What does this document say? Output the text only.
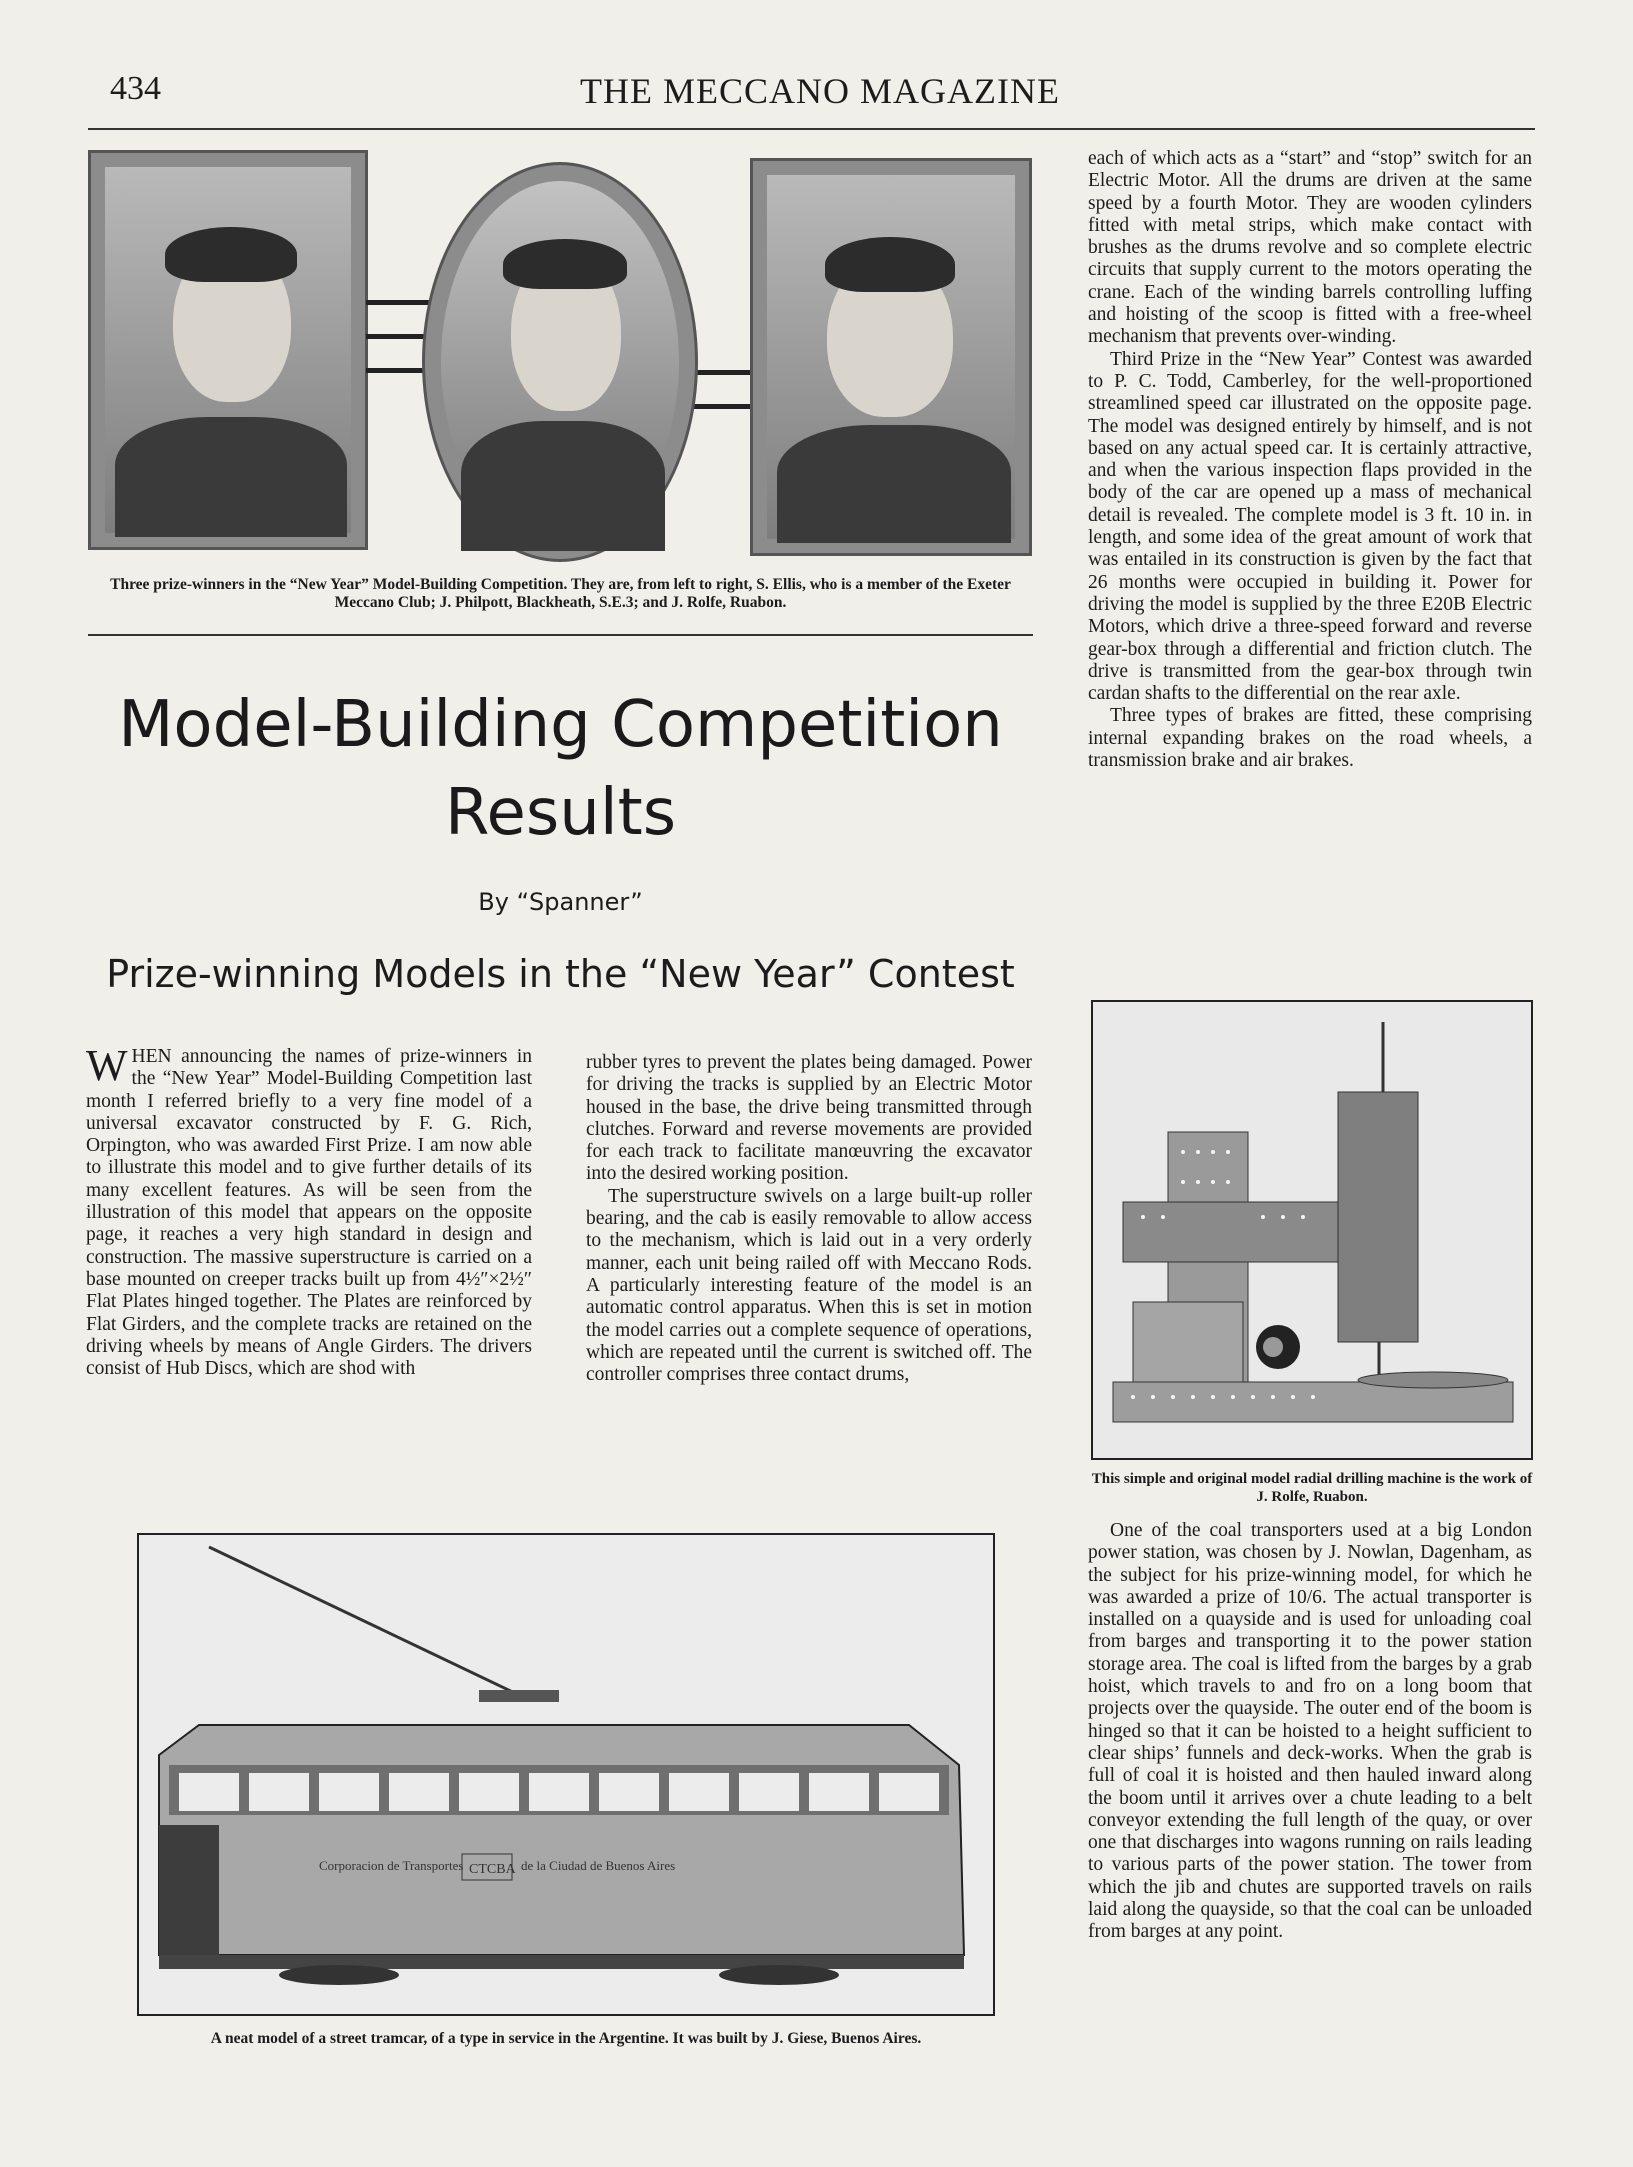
434	THE MECCANO MAGAZINE
Three prize-winners in the “New Year” Model-Building Competition. They are, from left to right, S. Ellis, who is a member of the Exeter Meccano Club; J. Philpott, Blackheath, S.E.3; and J. Rolfe, Ruabon.
Model-Building Competition
Results
By “Spanner”
Prize-winning Models in the “New Year” Contest

WHEN announcing the names of prize-winners in the “New Year” Model-Building Competition last month I referred briefly to a very fine model of a universal excavator constructed by F. G. Rich, Orpington, who was awarded First Prize. I am now able to illustrate this model and to give further details of its many excellent features. As will be seen from the illustration of this model that appears on the opposite page, it reaches a very high standard in design and construction. The massive superstructure is carried on a base mounted on creeper tracks built up from 4½″×2½″ Flat Plates hinged together. The Plates are reinforced by Flat Girders, and the complete tracks are retained on the driving wheels by means of Angle Girders. The drivers consist of Hub Discs, which are shod with

rubber tyres to prevent the plates being damaged. Power for driving the tracks is supplied by an Electric Motor housed in the base, the drive being transmitted through clutches. Forward and reverse movements are provided for each track to facilitate manœuvring the excavator into the desired working position.

The superstructure swivels on a large built-up roller bearing, and the cab is easily removable to allow access to the mechanism, which is laid out in a very orderly manner, each unit being railed off with Meccano Rods. A particularly interesting feature of the model is an automatic control apparatus. When this is set in motion the model carries out a complete sequence of operations, which are repeated until the current is switched off. The controller comprises three contact drums,

each of which acts as a “start” and “stop” switch for an Electric Motor. All the drums are driven at the same speed by a fourth Motor. They are wooden cylinders fitted with metal strips, which make contact with brushes as the drums revolve and so complete electric circuits that supply current to the motors operating the crane. Each of the winding barrels controlling luffing and hoisting of the scoop is fitted with a free-wheel mechanism that prevents over-winding.

Third Prize in the “New Year” Contest was awarded to P. C. Todd, Camberley, for the well-proportioned streamlined speed car illustrated on the opposite page. The model was designed entirely by himself, and is not based on any actual speed car. It is certainly attractive, and when the various inspection flaps provided in the body of the car are opened up a mass of mechanical detail is revealed. The complete model is 3 ft. 10 in. in length, and some idea of the great amount of work that was entailed in its construction is given by the fact that 26 months were occupied in building it. Power for driving the model is supplied by the three E20B Electric Motors, which drive a three-speed forward and reverse gear-box through a differential and friction clutch. The drive is transmitted from the gear-box through twin cardan shafts to the differential on the rear axle.

Three types of brakes are fitted, these comprising internal expanding brakes on the road wheels, a transmission brake and air brakes.

This simple and original model radial drilling machine is the work of J. Rolfe, Ruabon.

One of the coal transporters used at a big London power station, was chosen by J. Nowlan, Dagenham, as the subject for his prize-winning model, for which he was awarded a prize of 10/6. The actual transporter is installed on a quayside and is used for unloading coal from barges and transporting it to the power station storage area. The coal is lifted from the barges by a grab hoist, which travels to and fro on a long boom that projects over the quayside. The outer end of the boom is hinged so that it can be hoisted to a height sufficient to clear ships’ funnels and deck-works. When the grab is full of coal it is hoisted and then hauled inward along the boom until it arrives over a chute leading to a belt conveyor extending the full length of the quay, or over one that discharges into wagons running on rails leading to various parts of the power station. The tower from which the jib and chutes are supported travels on rails laid along the quayside, so that the coal can be unloaded from barges at any point.

Corporacion de Transportes CTCBA de la Ciudad de Buenos Aires
A neat model of a street tramcar, of a type in service in the Argentine. It was built by J. Giese, Buenos Aires.
